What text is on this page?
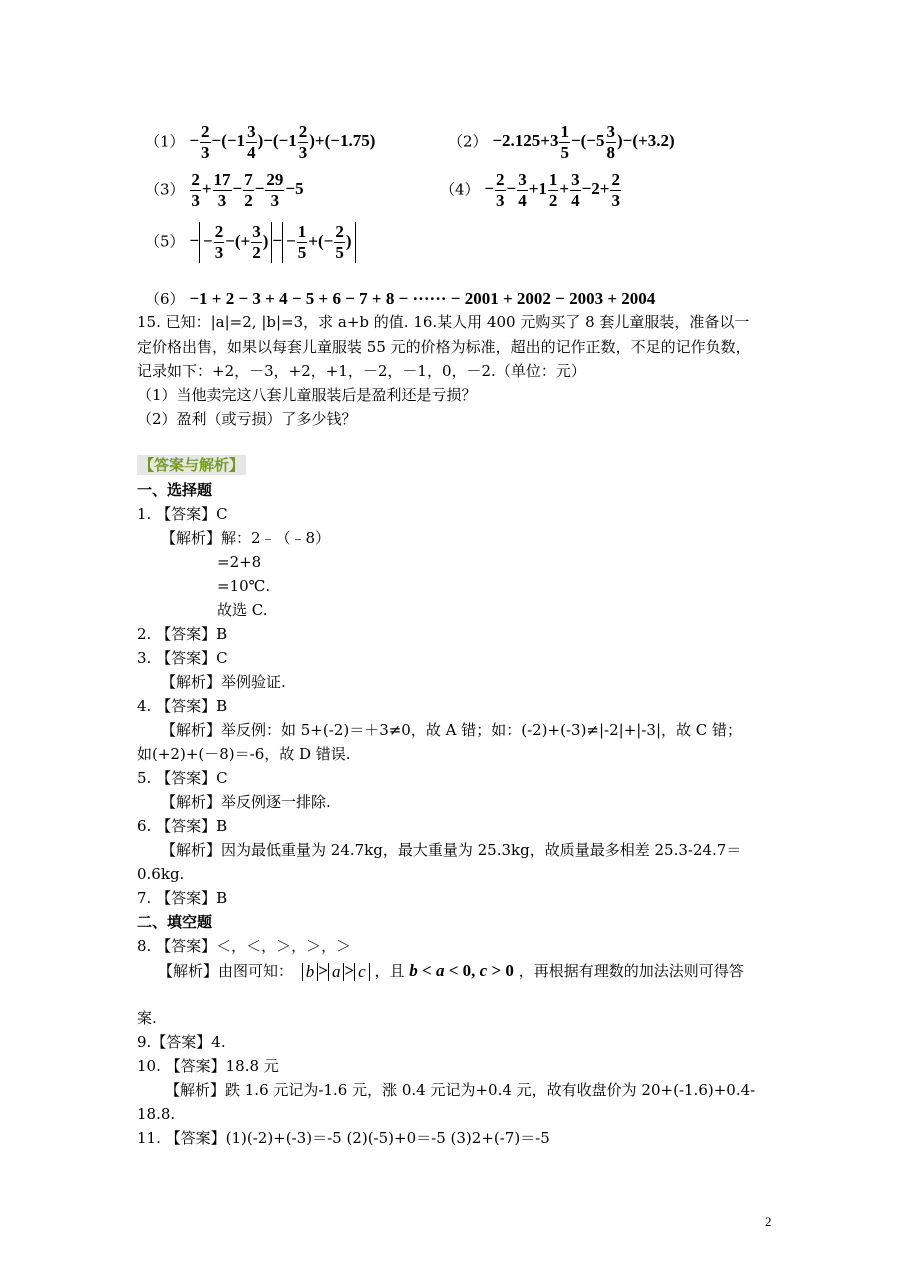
$(1) - \frac{2}{3} -(-1 \frac{3}{4} )-(-1 \frac{2}{3} )+(-1.75)$	$(2) -2.125+3 \frac{1}{5} -(-5 \frac{3}{8} )-(+3.2)$
$(3) \frac{2}{3} + \frac{17}{3} - \frac{7}{2} - \frac{29}{3} -5$	$(4) - \frac{2}{3} - \frac{3}{4} +1 \frac{1}{2} + \frac{3}{4} -2+ \frac{2}{3}$
（5） − − $\frac{2}{3}$ −(+ $\frac{3}{2}$ ) − − $\frac{1}{5}$ +(− $\frac{2}{5}$ )
（6） −1 + 2 − 3 + 4 − 5 + 6 − 7 + 8 − ······ − 2001 + 2002 − 2003 + 2004
15. 已知：|a|=2, |b|=3，求 a+b 的值. 16.某人用 400 元购买了 8 套儿童服装，准备以一
定价格出售，如果以每套儿童服装 55 元的价格为标准，超出的记作正数，不足的记作负数，
记录如下：+2，－3，+2，+1，－2，－1，0，－2.（单位：元）
（1）当他卖完这八套儿童服装后是盈利还是亏损？
（2）盈利（或亏损）了多少钱？
【答案与解析】
一、选择题
1. 【答案】C
【解析】解：2﹣（﹣8）
=2+8
=10℃.
故选 C.
2. 【答案】B
3. 【答案】C
【解析】举例验证.
4. 【答案】B
【解析】举反例：如 5+(-2)＝＋3≠0，故 A 错；如：(-2)+(-3)≠|-2|+|-3|，故 C 错；
如(+2)+(－8)＝-6，故 D 错误.
5. 【答案】C
【解析】举反例逐一排除.
6. 【答案】B
【解析】因为最低重量为 24.7kg，最大重量为 25.3kg，故质量最多相差 25.3-24.7＝
0.6kg.
7. 【答案】B
二、填空题
8. 【答案】＜，＜，＞，＞，＞
【解析】由图可知： b > a > c ，且 b < a < 0, c > 0 ，再根据有理数的加法法则可得答
案.
9.【答案】4.
10. 【答案】18.8 元
【解析】跌 1.6 元记为-1.6 元，涨 0.4 元记为+0.4 元，故有收盘价为 20+(-1.6)+0.4-
18.8.
11. 【答案】(1)(-2)+(-3)＝-5 (2)(-5)+0＝-5 (3)2+(-7)＝-5
2
